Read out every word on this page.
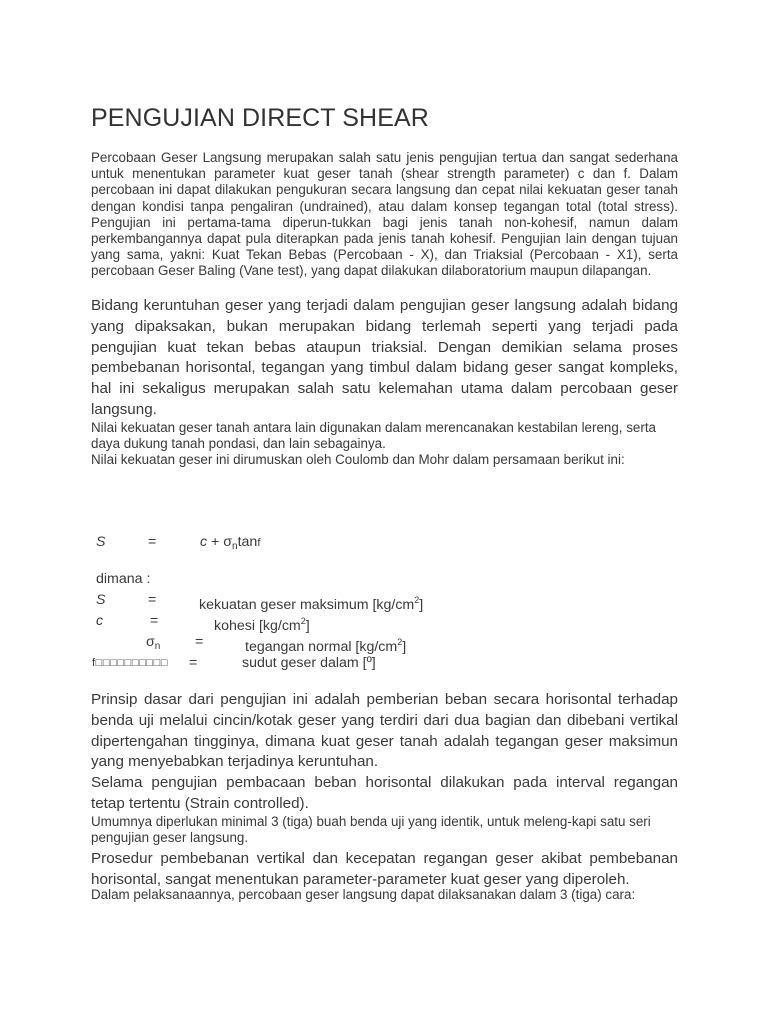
PENGUJIAN DIRECT SHEAR

Percobaan Geser Langsung merupakan salah satu jenis pengujian tertua dan sangat sederhana untuk menentukan parameter kuat geser tanah (shear strength parameter) c dan f. Dalam percobaan ini dapat dilakukan pengukuran secara langsung dan cepat nilai kekuatan geser tanah dengan kondisi tanpa pengaliran (undrained), atau dalam konsep tegangan total (total stress). Pengujian ini pertama-tama diperun-tukkan bagi jenis tanah non-kohesif, namun dalam perkembangannya dapat pula diterapkan pada jenis tanah kohesif. Pengujian lain dengan tujuan yang sama, yakni: Kuat Tekan Bebas (Percobaan - X), dan Triaksial (Percobaan - X1), serta percobaan Geser Baling (Vane test), yang dapat dilakukan dilaboratorium maupun dilapangan.

Bidang keruntuhan geser yang terjadi dalam pengujian geser langsung adalah bidang yang dipaksakan, bukan merupakan bidang terlemah seperti yang terjadi pada pengujian kuat tekan bebas ataupun triaksial. Dengan demikian selama proses pembebanan horisontal, tegangan yang timbul dalam bidang geser sangat kompleks, hal ini sekaligus merupakan salah satu kelemahan utama dalam percobaan geser langsung.

Nilai kekuatan geser tanah antara lain digunakan dalam merencanakan kestabilan lereng, serta daya dukung tanah pondasi, dan lain sebagainya.

Nilai kekuatan geser ini dirumuskan oleh Coulomb dan Mohr dalam persamaan berikut ini:

S	=	$c + \sigma_n\tan f$
dimana :
S	=	kekuatan geser maksimum $[kg/cm^2]$
c	=	kohesi $[kg/cm^2]$
$\sigma_n$ =	tegangan normal $[kg/cm^2]$
f□□□□□□□□□□ =	sudut geser dalam [º]

Prinsip dasar dari pengujian ini adalah pemberian beban secara horisontal terhadap benda uji melalui cincin/kotak geser yang terdiri dari dua bagian dan dibebani vertikal dipertengahan tingginya, dimana kuat geser tanah adalah tegangan geser maksimun yang menyebabkan terjadinya keruntuhan.

Selama pengujian pembacaan beban horisontal dilakukan pada interval regangan tetap tertentu (Strain controlled).

Umumnya diperlukan minimal 3 (tiga) buah benda uji yang identik, untuk meleng-kapi satu seri pengujian geser langsung.

Prosedur pembebanan vertikal dan kecepatan regangan geser akibat pembebanan horisontal, sangat menentukan parameter-parameter kuat geser yang diperoleh.

Dalam pelaksanaannya, percobaan geser langsung dapat dilaksanakan dalam 3 (tiga) cara:
